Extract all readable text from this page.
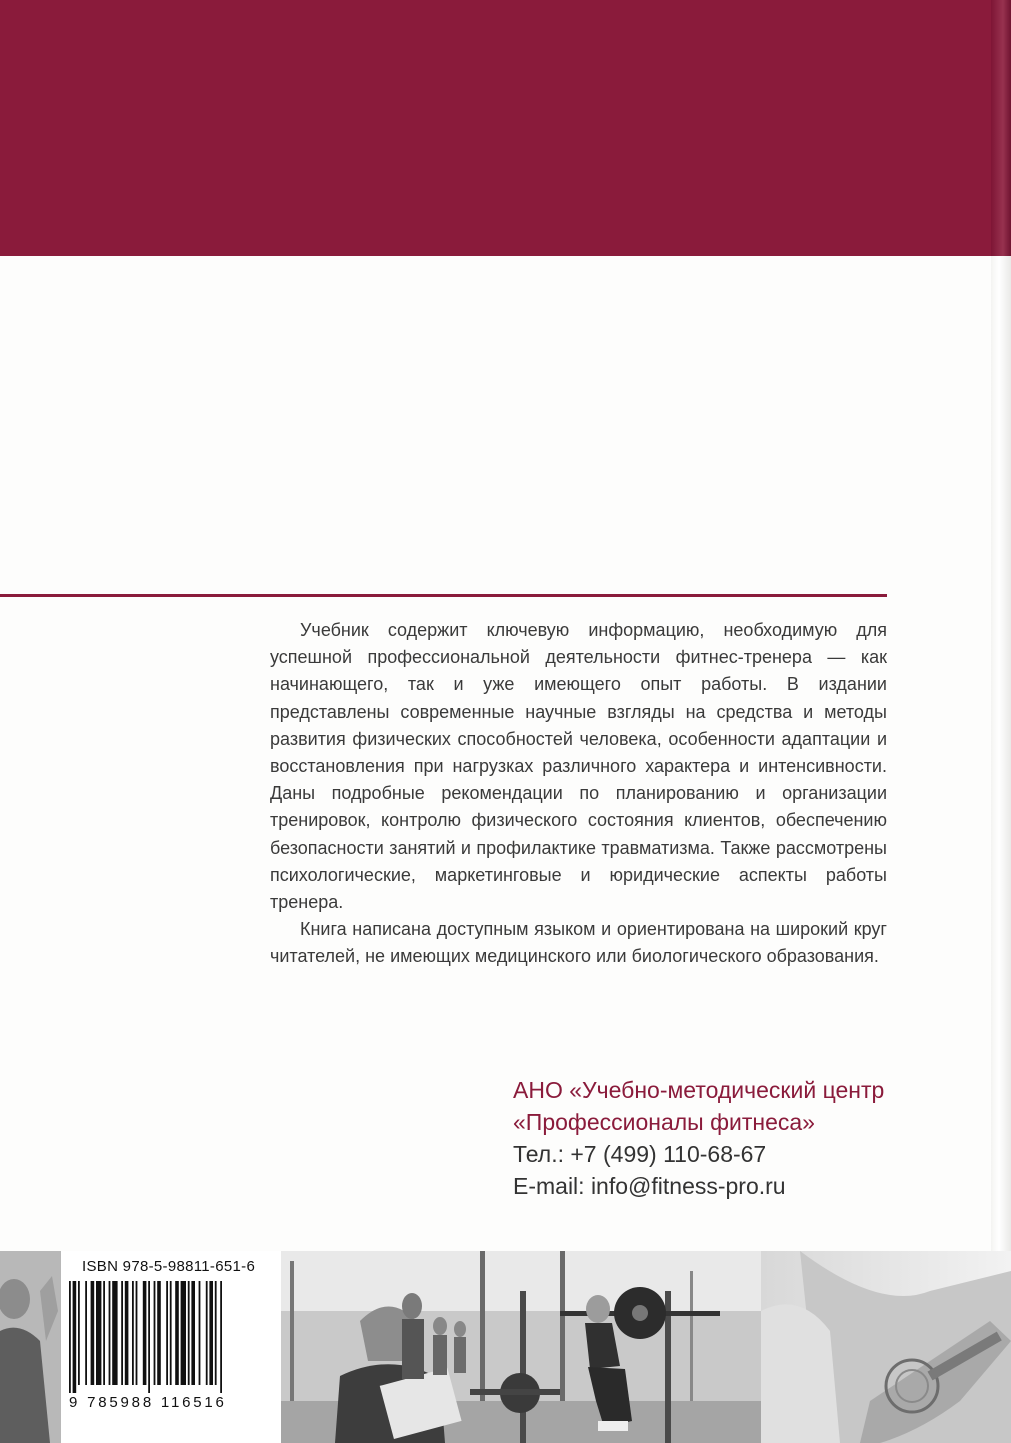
Учебник содержит ключевую информацию, необходимую для успешной профессиональной деятельности фитнес-тренера — как начинающего, так и уже имеющего опыт работы. В издании представлены современные научные взгляды на средства и методы развития физических способностей человека, особенности адаптации и восстановления при нагрузках различного характера и интенсивности. Даны подробные рекомендации по планированию и организации тренировок, контролю физического состояния клиентов, обеспечению безопасности занятий и профилактике травматизма. Также рассмотрены психологические, маркетинговые и юридические аспекты работы тренера.

Книга написана доступным языком и ориентирована на широкий круг читателей, не имеющих медицинского или биологического образования.

АНО «Учебно-методический центр
«Профессионалы фитнеса»
Тел.: +7 (499) 110-68-67
E-mail: info@fitness-pro.ru
ISBN 978-5-98811-651-6
9 785988 116516
